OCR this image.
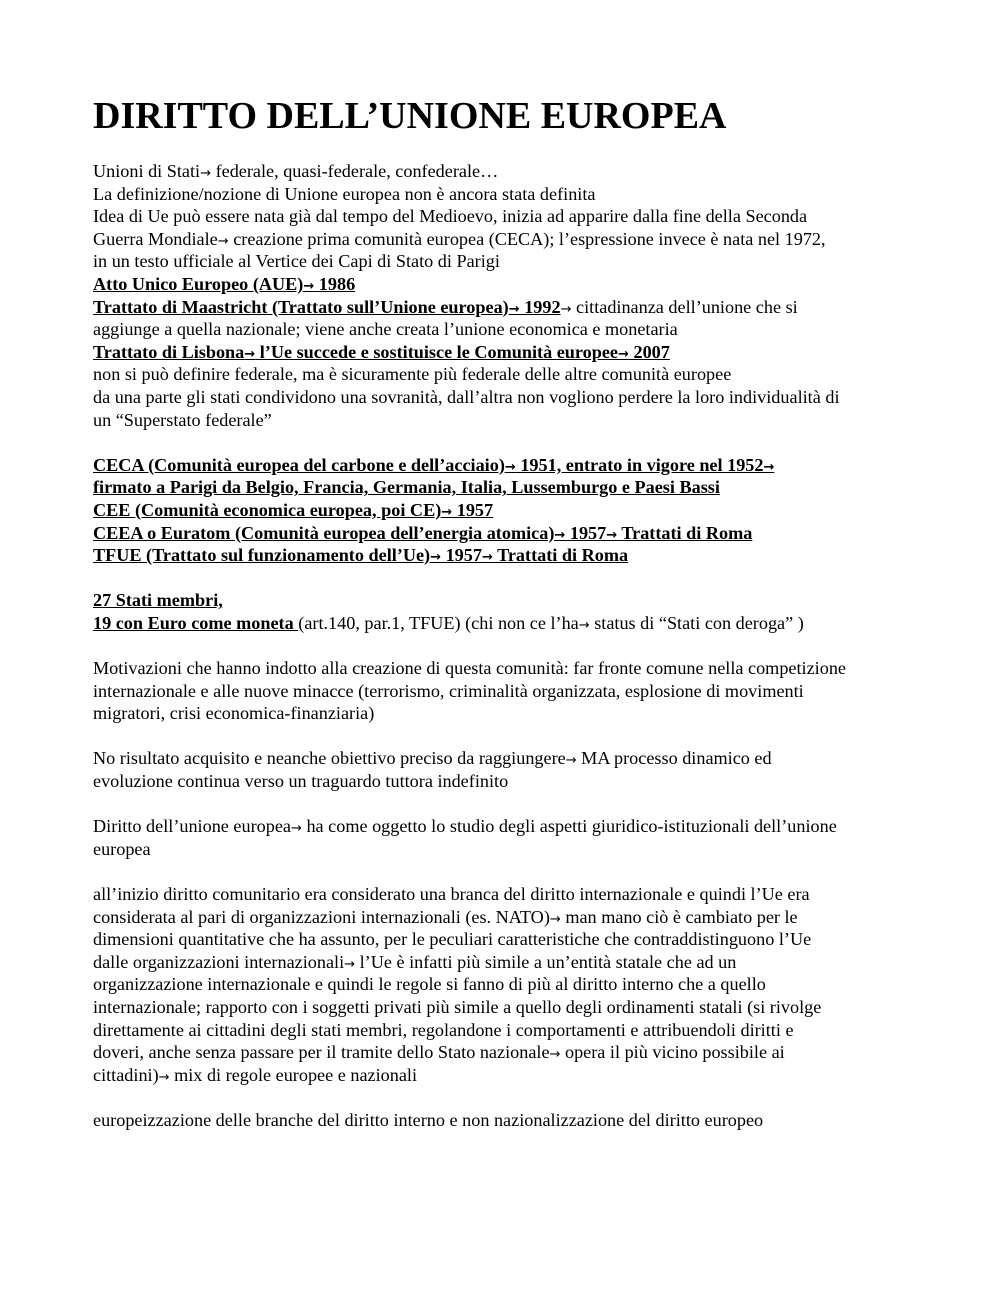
DIRITTO DELL’UNIONE EUROPEA
Unioni di Stati→ federale, quasi-federale, confederale…
La definizione/nozione di Unione europea non è ancora stata definita
Idea di Ue può essere nata già dal tempo del Medioevo, inizia ad apparire dalla fine della Seconda
Guerra Mondiale→ creazione prima comunità europea (CECA); l’espressione invece è nata nel 1972,
in un testo ufficiale al Vertice dei Capi di Stato di Parigi
Atto Unico Europeo (AUE)→ 1986
Trattato di Maastricht (Trattato sull’Unione europea)→ 1992→ cittadinanza dell’unione che si
aggiunge a quella nazionale; viene anche creata l’unione economica e monetaria
Trattato di Lisbona→ l’Ue succede e sostituisce le Comunità europee→ 2007
non si può definire federale, ma è sicuramente più federale delle altre comunità europee
da una parte gli stati condividono una sovranità, dall’altra non vogliono perdere la loro individualità di
un “Superstato federale”
CECA (Comunità europea del carbone e dell’acciaio)→ 1951, entrato in vigore nel 1952→
firmato a Parigi da Belgio, Francia, Germania, Italia, Lussemburgo e Paesi Bassi
CEE (Comunità economica europea, poi CE)→ 1957
CEEA o Euratom (Comunità europea dell’energia atomica)→ 1957→ Trattati di Roma
TFUE (Trattato sul funzionamento dell’Ue)→ 1957→ Trattati di Roma
27 Stati membri,
19 con Euro come moneta (art.140, par.1, TFUE) (chi non ce l’ha→ status di “Stati con deroga” )
Motivazioni che hanno indotto alla creazione di questa comunità: far fronte comune nella competizione
internazionale e alle nuove minacce (terrorismo, criminalità organizzata, esplosione di movimenti
migratori, crisi economica-finanziaria)
No risultato acquisito e neanche obiettivo preciso da raggiungere→ MA processo dinamico ed
evoluzione continua verso un traguardo tuttora indefinito
Diritto dell’unione europea→ ha come oggetto lo studio degli aspetti giuridico-istituzionali dell’unione
europea
all’inizio diritto comunitario era considerato una branca del diritto internazionale e quindi l’Ue era
considerata al pari di organizzazioni internazionali (es. NATO)→ man mano ciò è cambiato per le
dimensioni quantitative che ha assunto, per le peculiari caratteristiche che contraddistinguono l’Ue
dalle organizzazioni internazionali→ l’Ue è infatti più simile a un’entità statale che ad un
organizzazione internazionale e quindi le regole si fanno di più al diritto interno che a quello
internazionale; rapporto con i soggetti privati più simile a quello degli ordinamenti statali (si rivolge
direttamente ai cittadini degli stati membri, regolandone i comportamenti e attribuendoli diritti e
doveri, anche senza passare per il tramite dello Stato nazionale→ opera il più vicino possibile ai
cittadini)→ mix di regole europee e nazionali
europeizzazione delle branche del diritto interno e non nazionalizzazione del diritto europeo
